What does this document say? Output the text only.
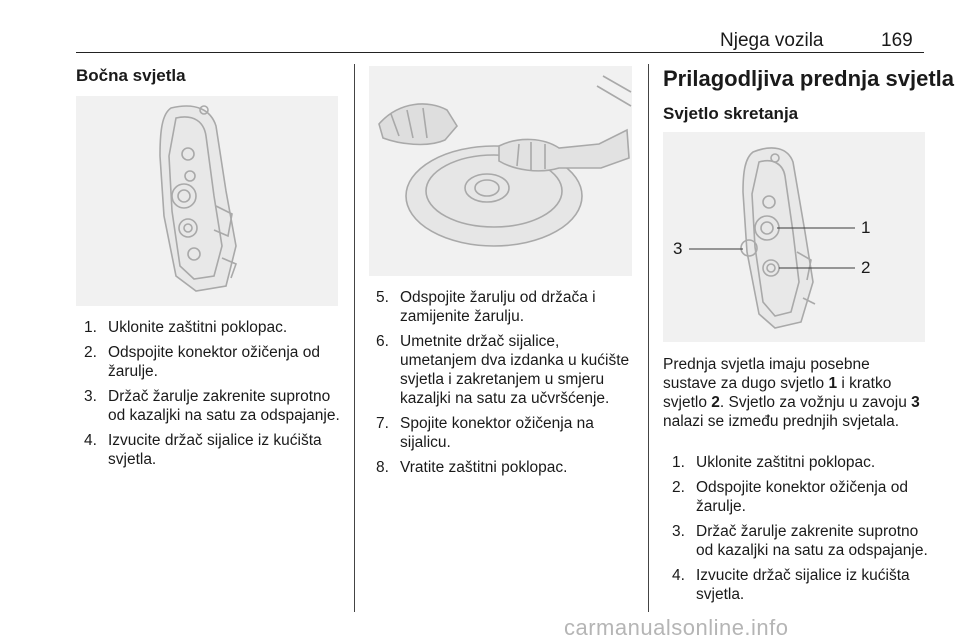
Njega vozila	169
Bočna svjetla
1. Uklonite zaštitni poklopac.
2. Odspojite konektor ožičenja od žarulje.
3. Držač žarulje zakrenite suprotno od kazaljki na satu za odspajanje.
4. Izvucite držač sijalice iz kućišta svjetla.
5. Odspojite žarulju od držača i zamijenite žarulju.
6. Umetnite držač sijalice, umetanjem dva izdanka u kućište svjetla i zakretanjem u smjeru kazaljki na satu za učvršćenje.
7. Spojite konektor ožičenja na sijalicu.
8. Vratite zaštitni poklopac.
Prilagodljiva prednja svjetla
Svjetlo skretanja
1
2
3

Prednja svjetla imaju posebne sustave za dugo svjetlo 1 i kratko svjetlo 2. Svjetlo za vožnju u zavoju 3 nalazi se između prednjih svjetala.

1. Uklonite zaštitni poklopac.
2. Odspojite konektor ožičenja od žarulje.
3. Držač žarulje zakrenite suprotno od kazaljki na satu za odspajanje.
4. Izvucite držač sijalice iz kućišta svjetla.
carmanualsonline.info
